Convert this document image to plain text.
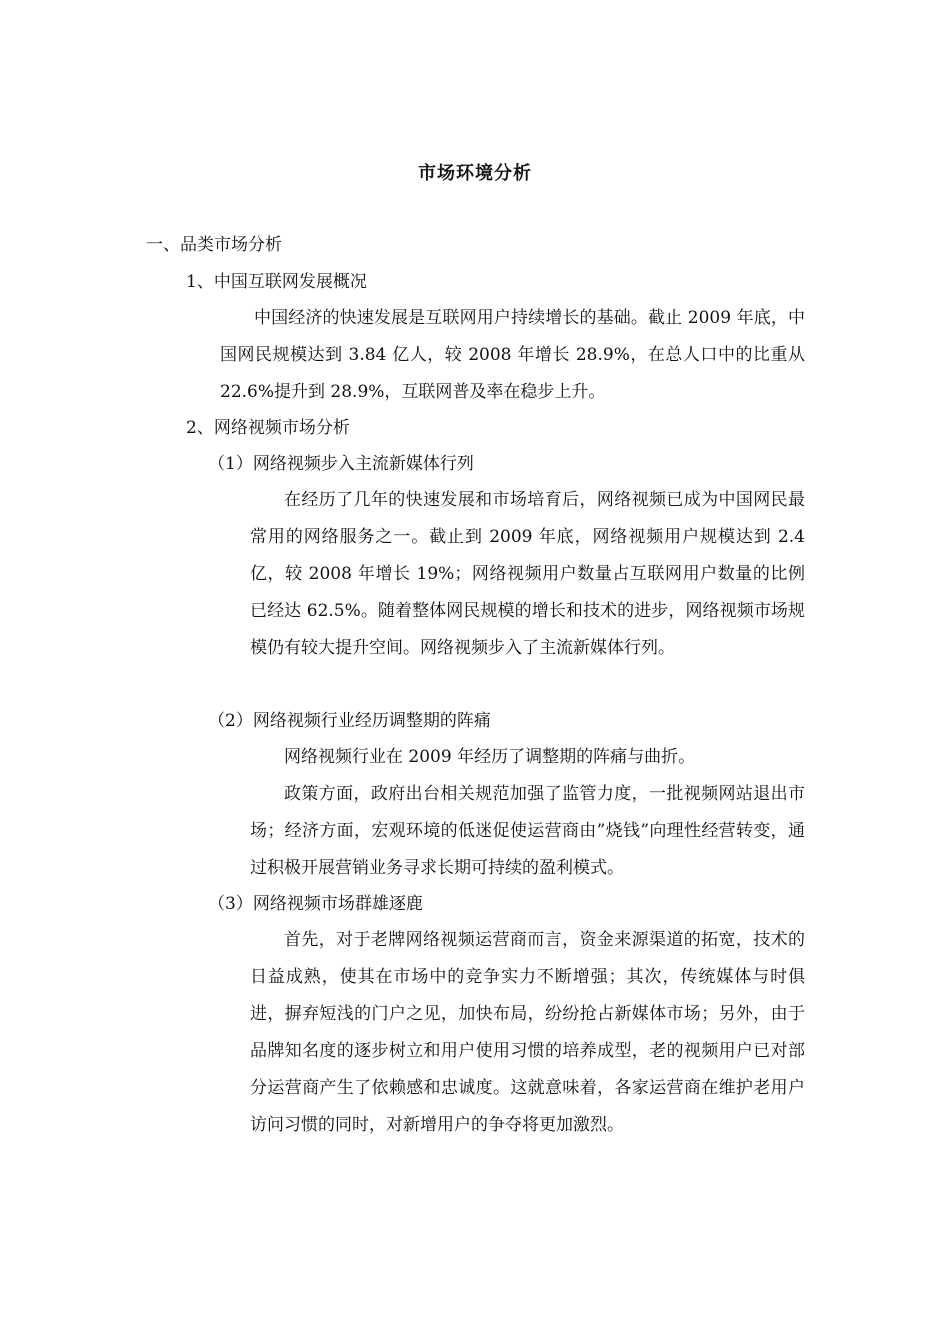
市场环境分析
一、品类市场分析
1、中国互联网发展概况

中国经济的快速发展是互联网用户持续增长的基础。截止 2009 年底，中国网民规模达到 3.84 亿人，较 2008 年增长 28.9%，在总人口中的比重从 22.6%提升到 28.9%，互联网普及率在稳步上升。

2、网络视频市场分析
（1）网络视频步入主流新媒体行列

在经历了几年的快速发展和市场培育后，网络视频已成为中国网民最常用的网络服务之一。截止到 2009 年底，网络视频用户规模达到 2.4 亿，较 2008 年增长 19%；网络视频用户数量占互联网用户数量的比例已经达 62.5%。随着整体网民规模的增长和技术的进步，网络视频市场规模仍有较大提升空间。网络视频步入了主流新媒体行列。

（2）网络视频行业经历调整期的阵痛

网络视频行业在 2009 年经历了调整期的阵痛与曲折。

政策方面，政府出台相关规范加强了监管力度，一批视频网站退出市场；经济方面，宏观环境的低迷促使运营商由”烧钱”向理性经营转变，通过积极开展营销业务寻求长期可持续的盈利模式。

（3）网络视频市场群雄逐鹿

首先，对于老牌网络视频运营商而言，资金来源渠道的拓宽，技术的日益成熟，使其在市场中的竞争实力不断增强；其次，传统媒体与时俱进，摒弃短浅的门户之见，加快布局，纷纷抢占新媒体市场；另外，由于品牌知名度的逐步树立和用户使用习惯的培养成型，老的视频用户已对部分运营商产生了依赖感和忠诚度。这就意味着，各家运营商在维护老用户访问习惯的同时，对新增用户的争夺将更加激烈。
